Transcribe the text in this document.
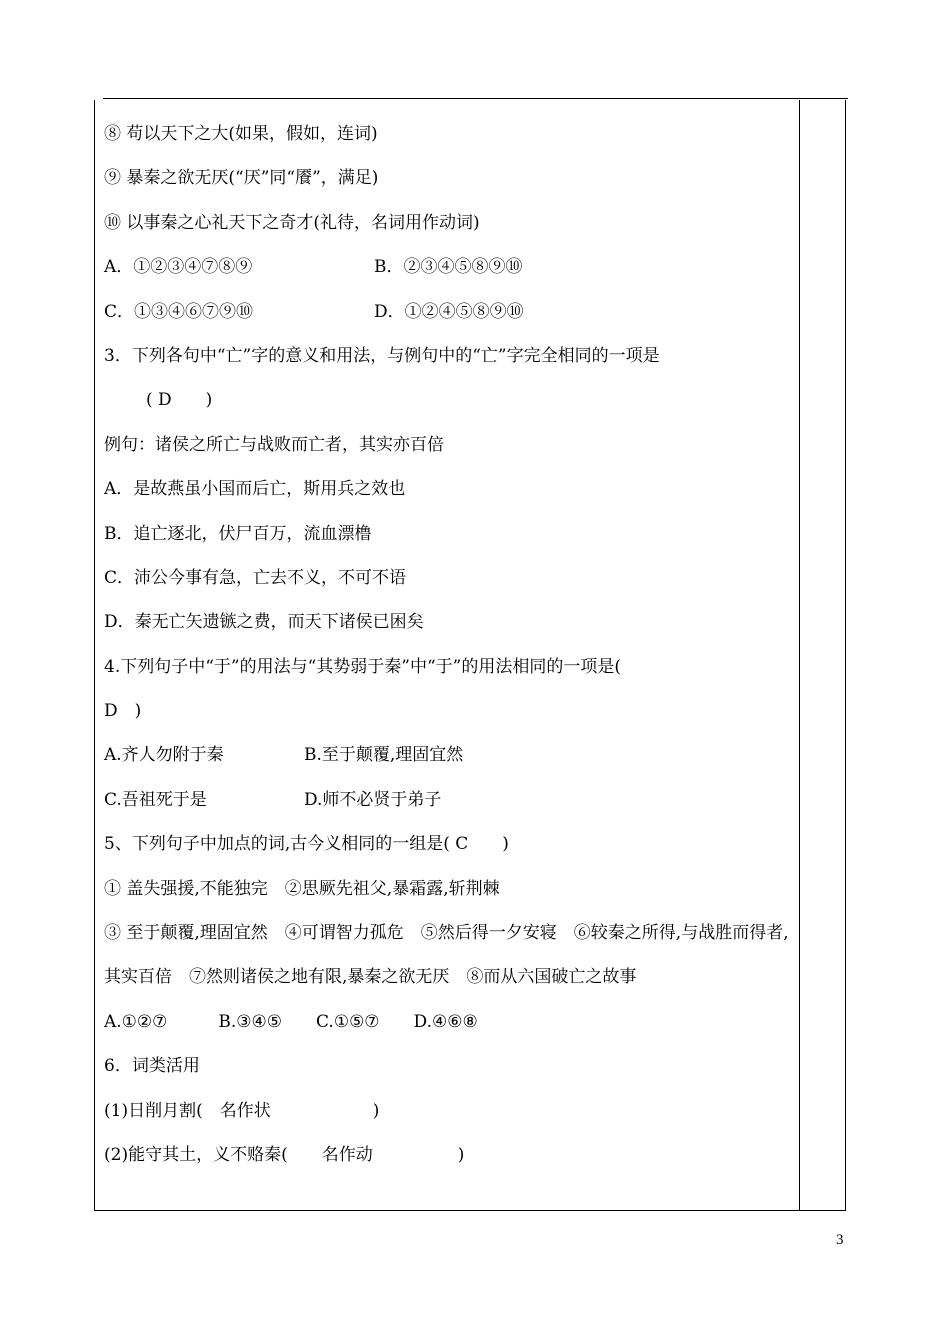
⑧ 苟以天下之大(如果，假如，连词)
⑨ 暴秦之欲无厌(“厌”同“餍”，满足)
⑩ 以事秦之心礼天下之奇才(礼待，名词用作动词)
A．①②③④⑦⑧⑨	B．②③④⑤⑧⑨⑩
C．①③④⑥⑦⑨⑩	D．①②④⑤⑧⑨⑩
3．下列各句中“亡”字的意义和用法，与例句中的“亡”字完全相同的一项是
( D　　)
例句：诸侯之所亡与战败而亡者，其实亦百倍
A．是故燕虽小国而后亡，斯用兵之效也
B．追亡逐北，伏尸百万，流血漂橹
C．沛公今事有急，亡去不义，不可不语
D．秦无亡矢遗镞之费，而天下诸侯已困矣
4.下列句子中“于”的用法与“其势弱于秦”中“于”的用法相同的一项是(
D　)
A.齐人勿附于秦	B.至于颠覆,理固宜然
C.吾祖死于是	D.师不必贤于弟子
5、下列句子中加点的词,古今义相同的一组是( C　　)
① 盖失强援,不能独完　②思厥先祖父,暴霜露,斩荆棘
③ 至于颠覆,理固宜然　④可谓智力孤危　⑤然后得一夕安寝　⑥较秦之所得,与战胜而得者,其实百倍　⑦然则诸侯之地有限,暴秦之欲无厌　⑧而从六国破亡之故事
A.①②⑦　　　B.③④⑤　　C.①⑤⑦　　D.④⑥⑧
6．词类活用
(1)日削月割(　名作状　　　　　　)
(2)能守其土，义不赂秦(　　名作动　　　　　)
3
